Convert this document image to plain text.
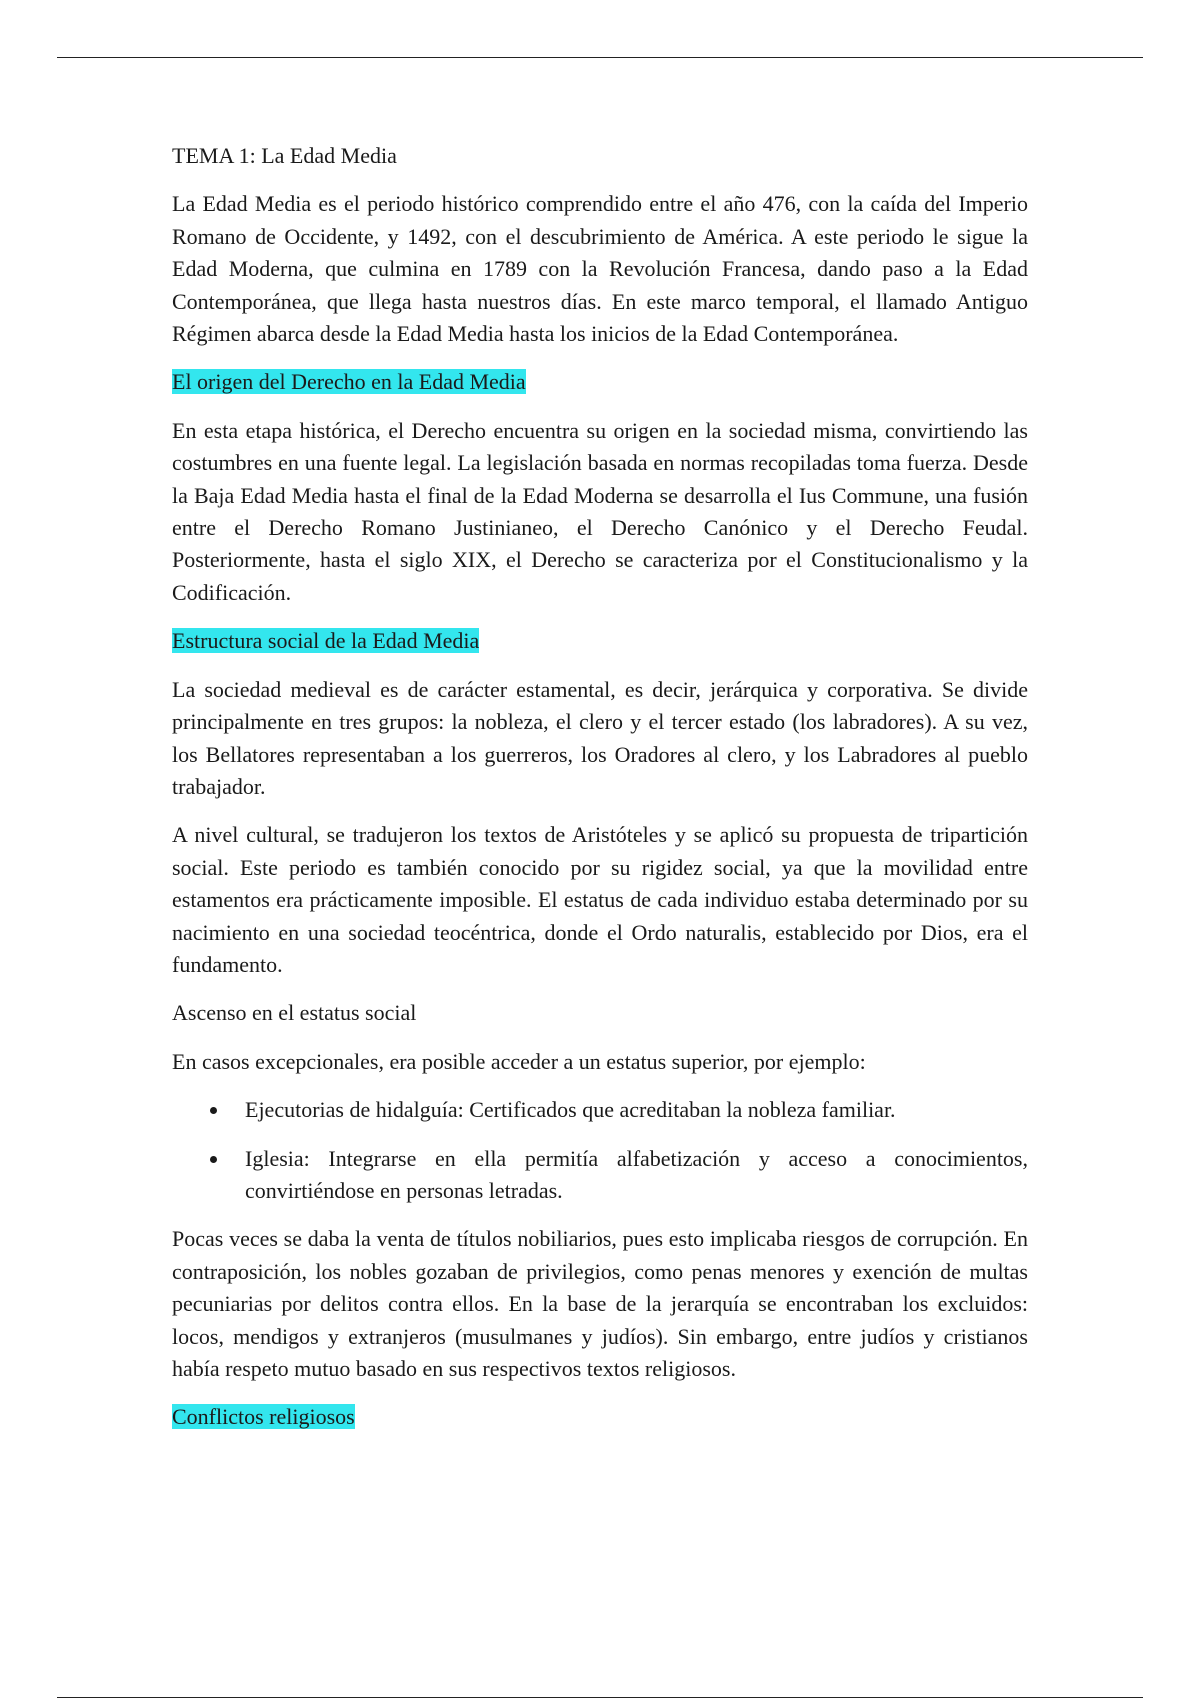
TEMA 1: La Edad Media

La Edad Media es el periodo histórico comprendido entre el año 476, con la caída del Imperio Romano de Occidente, y 1492, con el descubrimiento de América. A este periodo le sigue la Edad Moderna, que culmina en 1789 con la Revolución Francesa, dando paso a la Edad Contemporánea, que llega hasta nuestros días. En este marco temporal, el llamado Antiguo Régimen abarca desde la Edad Media hasta los inicios de la Edad Contemporánea.

El origen del Derecho en la Edad Media

En esta etapa histórica, el Derecho encuentra su origen en la sociedad misma, convirtiendo las costumbres en una fuente legal. La legislación basada en normas recopiladas toma fuerza. Desde la Baja Edad Media hasta el final de la Edad Moderna se desarrolla el Ius Commune, una fusión entre el Derecho Romano Justinianeo, el Derecho Canónico y el Derecho Feudal. Posteriormente, hasta el siglo XIX, el Derecho se caracteriza por el Constitucionalismo y la Codificación.

Estructura social de la Edad Media

La sociedad medieval es de carácter estamental, es decir, jerárquica y corporativa. Se divide principalmente en tres grupos: la nobleza, el clero y el tercer estado (los labradores). A su vez, los Bellatores representaban a los guerreros, los Oradores al clero, y los Labradores al pueblo trabajador.

A nivel cultural, se tradujeron los textos de Aristóteles y se aplicó su propuesta de tripartición social. Este periodo es también conocido por su rigidez social, ya que la movilidad entre estamentos era prácticamente imposible. El estatus de cada individuo estaba determinado por su nacimiento en una sociedad teocéntrica, donde el Ordo naturalis, establecido por Dios, era el fundamento.

Ascenso en el estatus social

En casos excepcionales, era posible acceder a un estatus superior, por ejemplo:

Ejecutorias de hidalguía: Certificados que acreditaban la nobleza familiar.
Iglesia: Integrarse en ella permitía alfabetización y acceso a conocimientos, convirtiéndose en personas letradas.

Pocas veces se daba la venta de títulos nobiliarios, pues esto implicaba riesgos de corrupción. En contraposición, los nobles gozaban de privilegios, como penas menores y exención de multas pecuniarias por delitos contra ellos. En la base de la jerarquía se encontraban los excluidos: locos, mendigos y extranjeros (musulmanes y judíos). Sin embargo, entre judíos y cristianos había respeto mutuo basado en sus respectivos textos religiosos.

Conflictos religiosos
